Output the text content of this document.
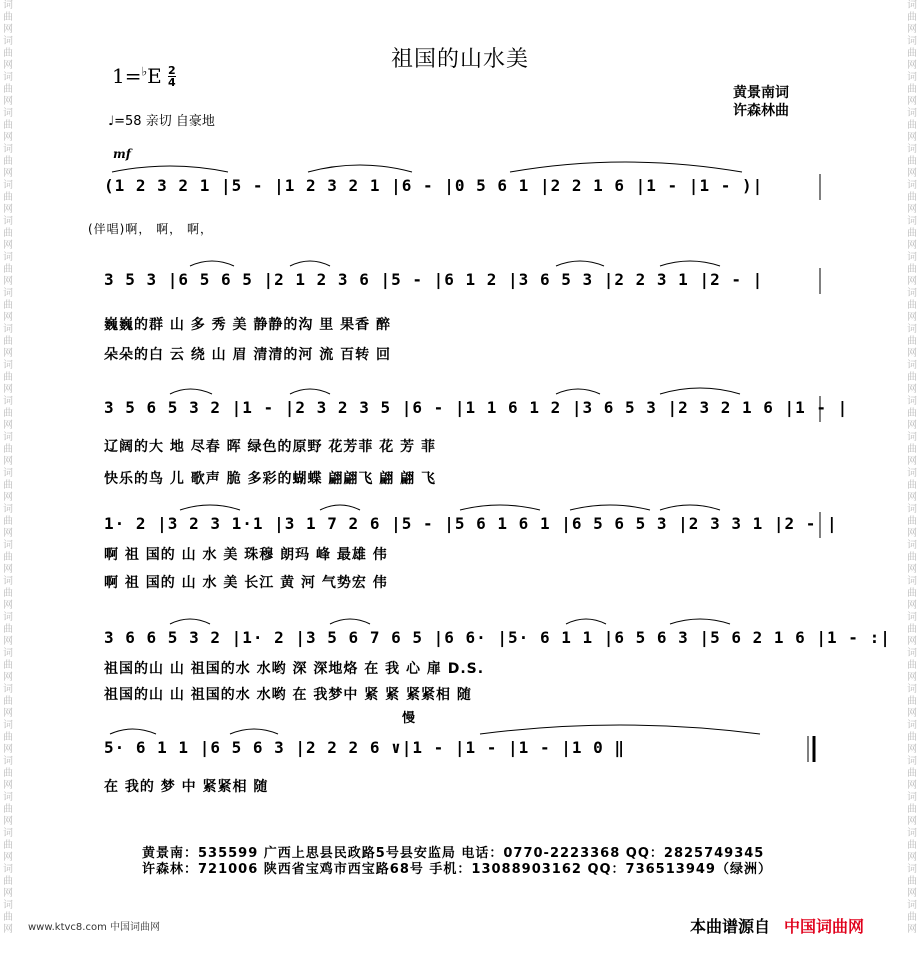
词
曲
网
词
曲
网
词
曲
网
词
曲
网
词
曲
网
词
曲
网
词
曲
网
词
曲
网
词
曲
网
词
曲
网
词
曲
网
词
曲
网
词
曲
网
词
曲
网
词
曲
网
词
曲
网
词
曲
网
词
曲
网
词
曲
网
词
曲
网
词
曲
网
词
曲
网
词
曲
网
词
曲
网
词
曲
网
词
曲
网
词
曲
网
词
曲
网
词
曲
网
词
曲
网
词
曲
网
词
曲
网
词
曲
网
词
曲
网
词
曲
网
词
曲
网
词
曲
网
词
曲
网
词
曲
网
词
曲
网
词
曲
网
词
曲
网
词
曲
网
词
曲
网
词
曲
网
词
曲
网
词
曲
网
词
曲
网
词
曲
网
词
曲
网
词
曲
网
词
曲
网
祖国的山水美
1=♭E 2
4
♩=58 亲切 自豪地
黄景南词
许森林曲
mf
(1 2 3 2 1 |5 - |1 2 3 2 1 |6 - |0 5 6 1 |2 2 1 6 |1 - |1 - )|
(伴唱)啊， 啊， 啊，
3 5 3 |6 5 6 5 |2 1 2 3 6 |5 - |6 1 2 |3 6 5 3 |2 2 3 1 |2 - |
巍巍的群 山 多 秀 美 静静的沟 里 果香 醉
朵朵的白 云 绕 山 眉 清清的河 流 百转 回
3 5 6 5 3 2 |1 - |2 3 2 3 5 |6 - |1 1 6 1 2 |3 6 5 3 |2 3 2 1 6 |1 - |
辽阔的大 地 尽春 晖 绿色的原野 花芳菲 花 芳 菲
快乐的鸟 儿 歌声 脆 多彩的蝴蝶 翩翩飞 翩 翩 飞
1· 2 |3 2 3 1·1 |3 1 7 2 6 |5 - |5 6 1 6 1 |6 5 6 5 3 |2 3 3 1 |2 - |
啊 祖 国的 山 水 美 珠穆 朗玛 峰 最雄 伟
啊 祖 国的 山 水 美 长江 黄 河 气势宏 伟
3 6 6 5 3 2 |1· 2 |3 5 6 7 6 5 |6 6· |5· 6 1 1 |6 5 6 3 |5 6 2 1 6 |1 - :|
祖国的山 山 祖国的水 水哟 深 深地烙 在 我 心 扉 D.S.
祖国的山 山 祖国的水 水哟 在 我梦中 紧 紧 紧紧相 随
慢
5· 6 1 1 |6 5 6 3 |2 2 2 6 ∨|1 - |1 - |1 - |1 0 ‖
在 我的 梦 中 紧紧相 随
黄景南：535599 广西上思县民政路5号县安监局 电话：0770-2223368 QQ：2825749345
许森林：721006 陕西省宝鸡市西宝路68号 手机：13088903162 QQ：736513949（绿洲）
www.ktvc8.com 中国词曲网	本曲谱源自 中国词曲网
